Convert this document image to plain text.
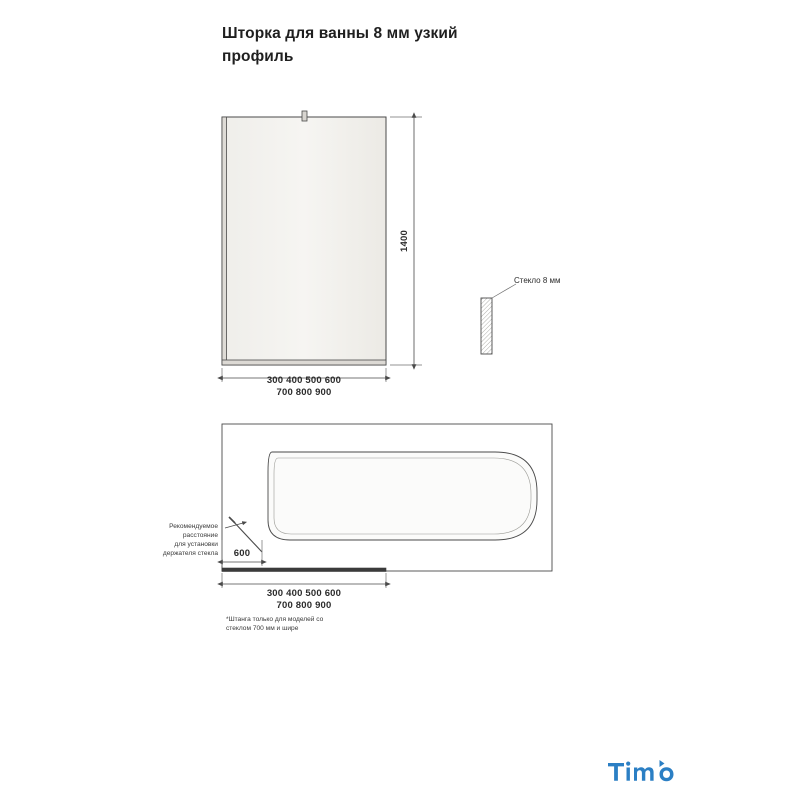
Шторка для ванны 8 мм узкий
профиль
1400
300 400 500 600
700 800 900
Стекло 8 мм
Рекомендуемое
расстояние
для установки
держателя стекла 600
300 400 500 600
700 800 900
*Штанга только для моделей со
стеклом 700 мм и шире
